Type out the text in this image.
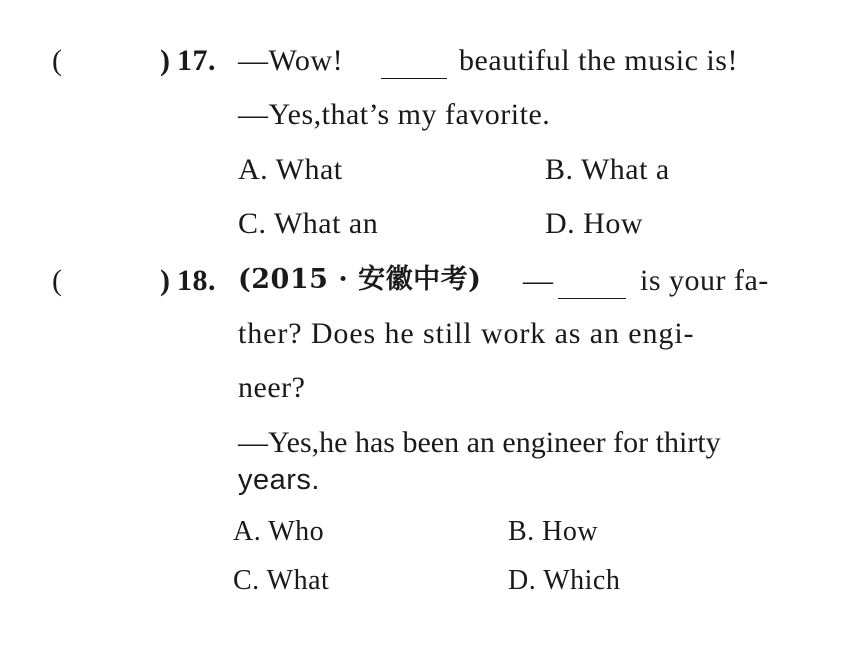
(	) 17. —Wow!	beautiful the music is!
—Yes,that’s my favorite.
A. What	B. What a
C. What an	D. How
(	) 18. (2015 · 安徽中考) —	is your fa-
ther? Does he still work as an engi-
neer?
—Yes,he has been an engineer for thirty
years.
A. Who	B. How
C. What	D. Which
